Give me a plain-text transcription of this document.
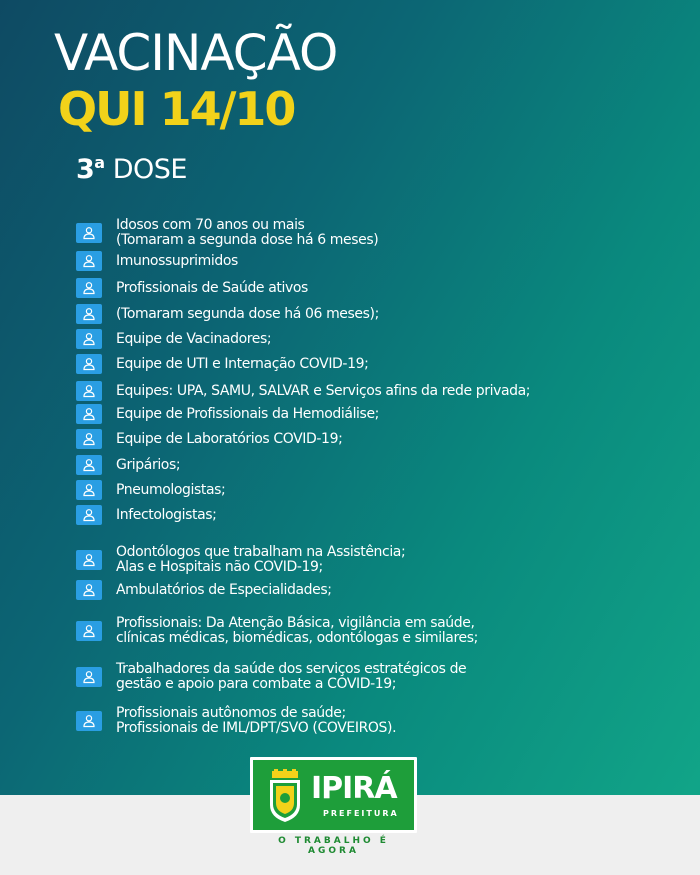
VACINAÇÃO
QUI 14/10
3$^a$ DOSE
Idosos com 70 anos ou mais
(Tomaram a segunda dose há 6 meses)
Imunossuprimidos
Profissionais de Saúde ativos
(Tomaram segunda dose há 06 meses);
Equipe de Vacinadores;
Equipe de UTI e Internação COVID-19;
Equipes: UPA, SAMU, SALVAR e Serviços afins da rede privada;
Equipe de Profissionais da Hemodiálise;
Equipe de Laboratórios COVID-19;
Gripários;
Pneumologistas;
Infectologistas;
Odontólogos que trabalham na Assistência;
Alas e Hospitais não COVID-19;
Ambulatórios de Especialidades;
Profissionais: Da Atenção Básica, vigilância em saúde,
clínicas médicas, biomédicas, odontólogas e similares;
Trabalhadores da saúde dos serviços estratégicos de
gestão e apoio para combate a COVID-19;
Profissionais autônomos de saúde;
Profissionais de IML/DPT/SVO (COVEIROS).
IPIRÁ
PREFEITURA
O TRABALHO É AGORA
